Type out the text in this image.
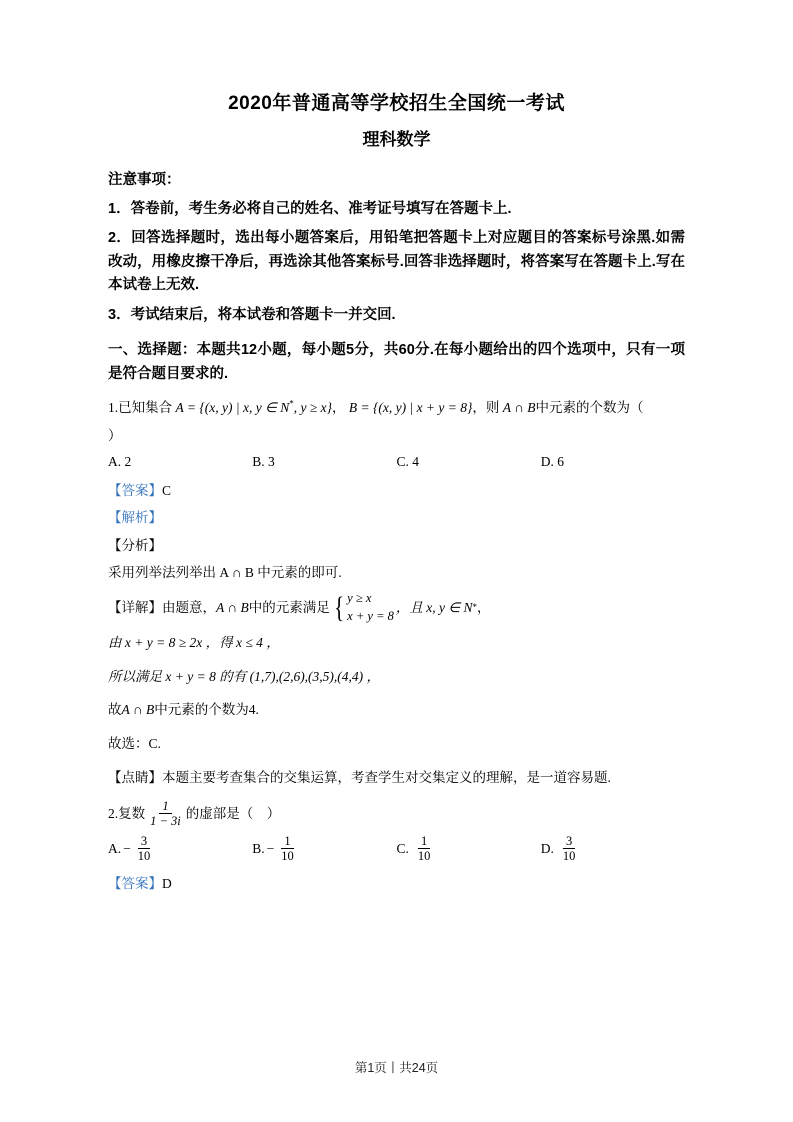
2020年普通高等学校招生全国统一考试
理科数学

注意事项：

1．答卷前，考生务必将自己的姓名、准考证号填写在答题卡上.

2．回答选择题时，选出每小题答案后，用铅笔把答题卡上对应题目的答案标号涂黑.如需改动，用橡皮擦干净后，再选涂其他答案标号.回答非选择题时，将答案写在答题卡上.写在本试卷上无效.

3．考试结束后，将本试卷和答题卡一并交回.

一、选择题：本题共12小题，每小题5分，共60分.在每小题给出的四个选项中，只有一项是符合题目要求的.

1.已知集合 A = {(x, y) | x, y ∈ N*, y ≥ x}， B = {(x, y) | x + y = 8}，则 A ∩ B中元素的个数为（

）

A. 2	B. 3	C. 4	D. 6

【答案】C

【解析】

【分析】

采用列举法列举出 A ∩ B 中元素的即可.

【详解】 由题意， A ∩ B 中的元素满足 { y ≥ x
x + y = 8
，且 x, y ∈ N * ，

由 x + y = 8 ≥ 2x ，得 x ≤ 4 ，

所以满足 x + y = 8 的有 (1,7),(2,6),(3,5),(4,4) ，

故A ∩ B中元素的个数为4.

故选：C.

【点睛】本题主要考查集合的交集运算，考查学生对交集定义的理解，是一道容易题.

2.复数 $\frac{1}{1 - 3i}$ 的虚部是（　）
A. − $\frac{3}{10}$	B. − $\frac{1}{10}$	C. $\frac{1}{10}$	D. $\frac{3}{10}$

【答案】D

第1页丨共24页
